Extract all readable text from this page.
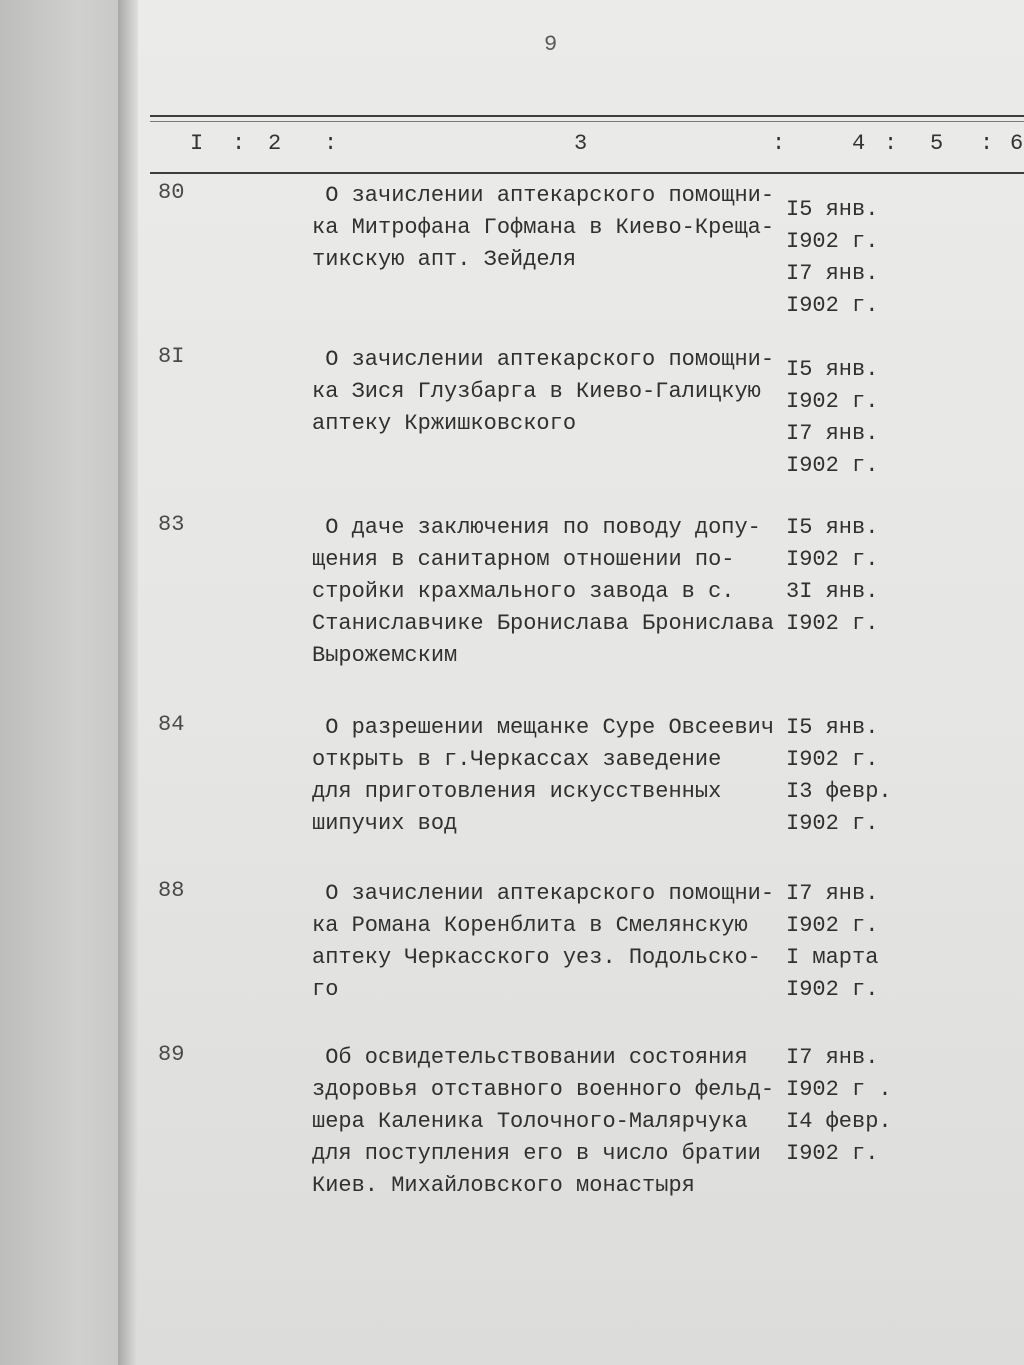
9
I : 2 :	3	:	4 : 5 : 6
80	О зачислении аптекарского помощни-
ка Митрофана Гофмана в Киево-Креща-
тикскую апт. Зейделя
I5 янв.
I902 г.
I7 янв.
I902 г.
8I	О зачислении аптекарского помощни-
ка Зися Глузбарга в Киево-Галицкую
аптеку Кржишковского
I5 янв.
I902 г.
I7 янв.
I902 г.
83	О даче заключения по поводу допу-
щения в санитарном отношении по-
стройки крахмального завода в с.
Станиславчике Бронислава Бронислава
Вырожемским
I5 янв.
I902 г.
3I янв.
I902 г.
84	О разрешении мещанке Суре Овсеевич
открыть в г.Черкассах заведение
для приготовления искусственных
шипучих вод
I5 янв.
I902 г.
I3 февр.
I902 г.
88	О зачислении аптекарского помощни-
ка Романа Коренблита в Смелянскую
аптеку Черкасского уез. Подольско-
го
I7 янв.
I902 г.
I марта
I902 г.
89	Об освидетельствовании состояния
здоровья отставного военного фельд-
шера Каленика Толочного-Малярчука
для поступления его в число братии
Киев. Михайловского монастыря
I7 янв.
I902 г .
I4 февр.
I902 г.
